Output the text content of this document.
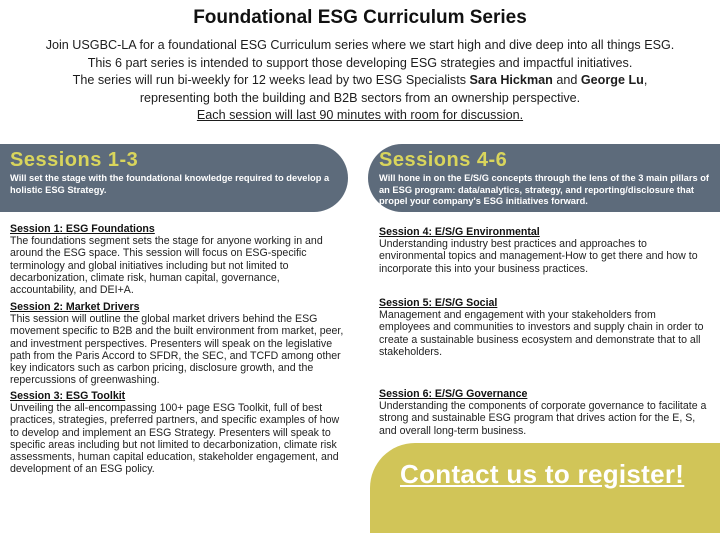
Foundational ESG Curriculum Series
Join USGBC-LA for a foundational ESG Curriculum series where we start high and dive deep into all things ESG.
This 6 part series is intended to support those developing ESG strategies and impactful initiatives.
The series will run bi-weekly for 12 weeks lead by two ESG Specialists Sara Hickman and George Lu,
representing both the building and B2B sectors from an ownership perspective.
Each session will last 90 minutes with room for discussion.
Sessions 1-3
Will set the stage with the foundational knowledge required to develop a holistic ESG Strategy.
Sessions 4-6
Will hone in on the E/S/G concepts through the lens of the 3 main pillars of an ESG program: data/analytics, strategy, and reporting/disclosure that propel your company's ESG initiatives forward.
Session 1: ESG Foundations
The foundations segment sets the stage for anyone working in and around the ESG space. This session will focus on ESG-specific terminology and global initiatives including but not limited to decarbonization, climate risk, human capital, governance, accountability, and DEI+A.
Session 2: Market Drivers
This session will outline the global market drivers behind the ESG movement specific to B2B and the built environment from market, peer, and investment perspectives. Presenters will speak on the legislative path from the Paris Accord to SFDR, the SEC, and TCFD among other key indicators such as carbon pricing, disclosure growth, and the repercussions of greenwashing.
Session 3: ESG Toolkit
Unveiling the all-encompassing 100+ page ESG Toolkit, full of best practices, strategies, preferred partners, and specific examples of how to develop and implement an ESG Strategy. Presenters will speak to specific areas including but not limited to decarbonization, climate risk assessments, human capital education, stakeholder engagement, and development of an ESG policy.
Session 4: E/S/G Environmental
Understanding industry best practices and approaches to environmental topics and management-How to get there and how to incorporate this into your business practices.
Session 5: E/S/G Social
Management and engagement with your stakeholders from employees and communities to investors and supply chain in order to create a sustainable business ecosystem and demonstrate that to all stakeholders.
Session 6: E/S/G Governance
Understanding the components of corporate governance to facilitate a strong and sustainable ESG program that drives action for the E, S, and overall long-term business.
Contact us to register!
